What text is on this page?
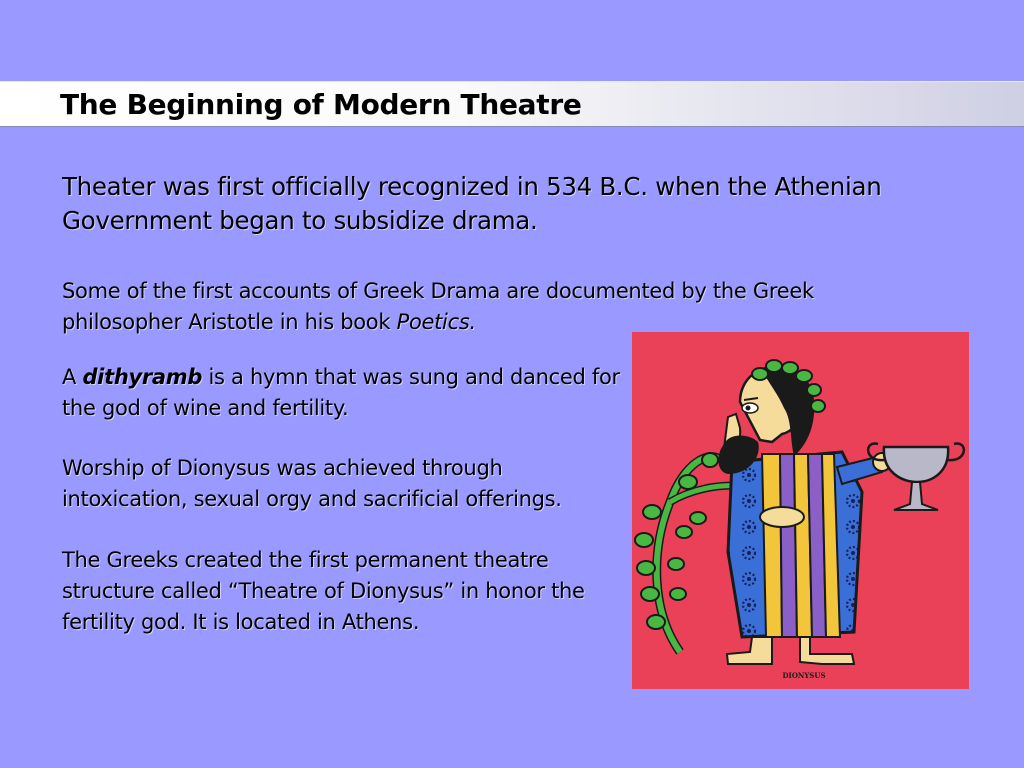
The Beginning of Modern Theatre

Theater was first officially recognized in 534 B.C. when the Athenian Government began to subsidize drama.

Some of the first accounts of Greek Drama are documented by the Greek philosopher Aristotle in his book Poetics.

A dithyramb is a hymn that was sung and danced for the god of wine and fertility.

Worship of Dionysus was achieved through intoxication, sexual orgy and sacrificial offerings.

The Greeks created the first permanent theatre structure called “Theatre of Dionysus” in honor the fertility god. It is located in Athens.

DIONYSUS
